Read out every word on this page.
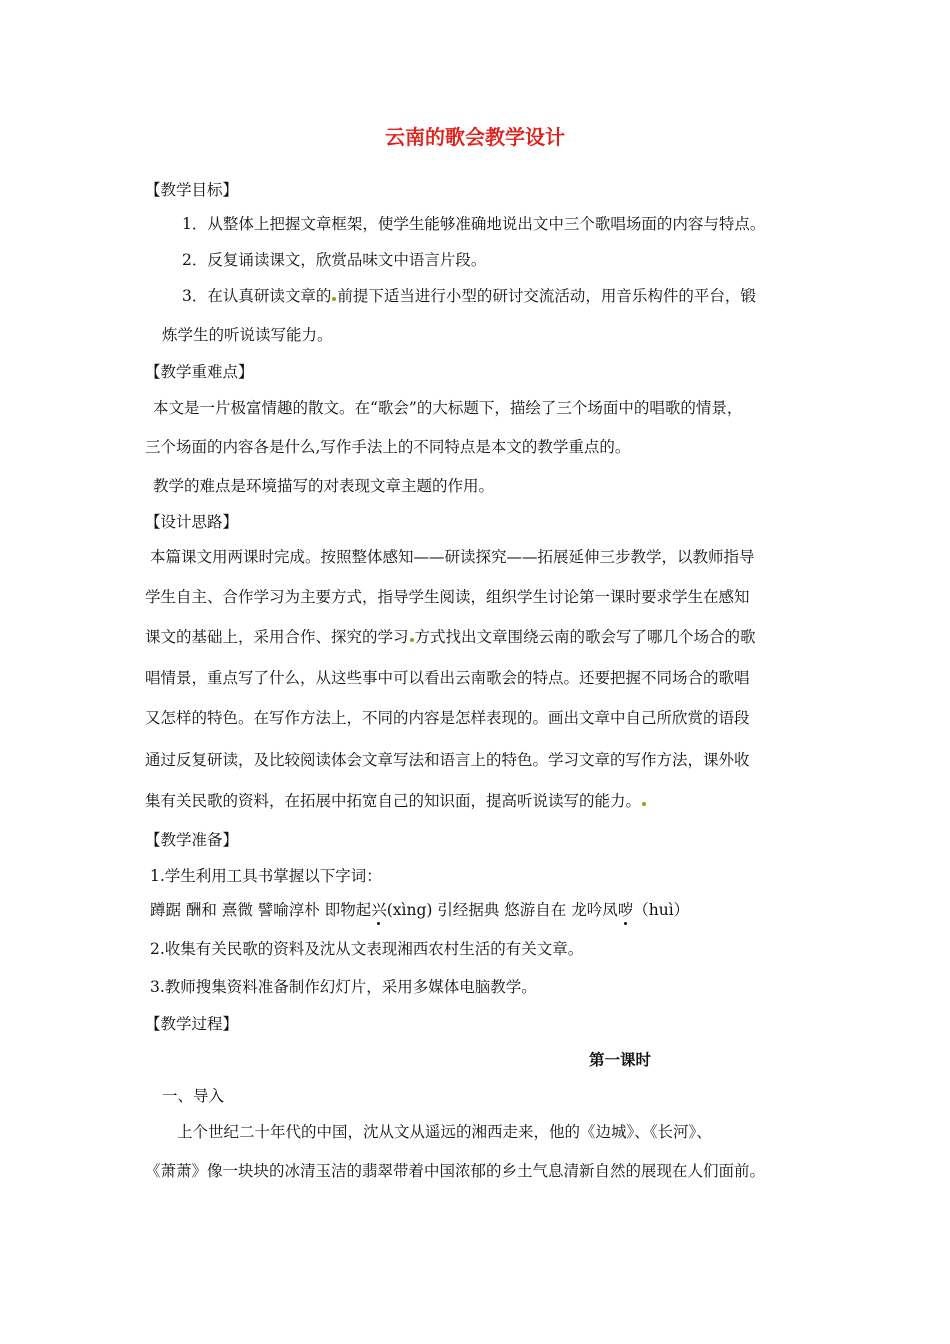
云南的歌会教学设计
【教学目标】
1．从整体上把握文章框架，使学生能够准确地说出文中三个歌唱场面的内容与特点。
2．反复诵读课文，欣赏品味文中语言片段。
3．在认真研读文章的 前提下适当进行小型的研讨交流活动，用音乐构件的平台，锻
炼学生的听说读写能力。
【教学重难点】
本文是一片极富情趣的散文。在“歌会”的大标题下，描绘了三个场面中的唱歌的情景，
三个场面的内容各是什么,写作手法上的不同特点是本文的教学重点的。
教学的难点是环境描写的对表现文章主题的作用。
【设计思路】
本篇课文用两课时完成。按照整体感知——研读探究——拓展延伸三步教学，以教师指导
学生自主、合作学习为主要方式，指导学生阅读，组织学生讨论第一课时要求学生在感知
课文的基础上，采用合作、探究的学习 方式找出文章围绕云南的歌会写了哪几个场合的歌
唱情景，重点写了什么，从这些事中可以看出云南歌会的特点。还要把握不同场合的歌唱
又怎样的特色。在写作方法上，不同的内容是怎样表现的。画出文章中自己所欣赏的语段
通过反复研读，及比较阅读体会文章写法和语言上的特色。学习文章的写作方法，课外收
集有关民歌的资料，在拓展中拓宽自己的知识面，提高听说读写的能力。
【教学准备】
1.学生利用工具书掌握以下字词：
蹲踞 酬和 熹微 譬喻淳朴 即物起兴(xìng) 引经据典 悠游自在 龙吟凤哕（huì）
2.收集有关民歌的资料及沈从文表现湘西农村生活的有关文章。
3.教师搜集资料准备制作幻灯片，采用多媒体电脑教学。
【教学过程】
第一课时
一、导入
上个世纪二十年代的中国，沈从文从遥远的湘西走来，他的《边城》、《长河》、
《萧萧》像一块块的冰清玉洁的翡翠带着中国浓郁的乡土气息清新自然的展现在人们面前。
